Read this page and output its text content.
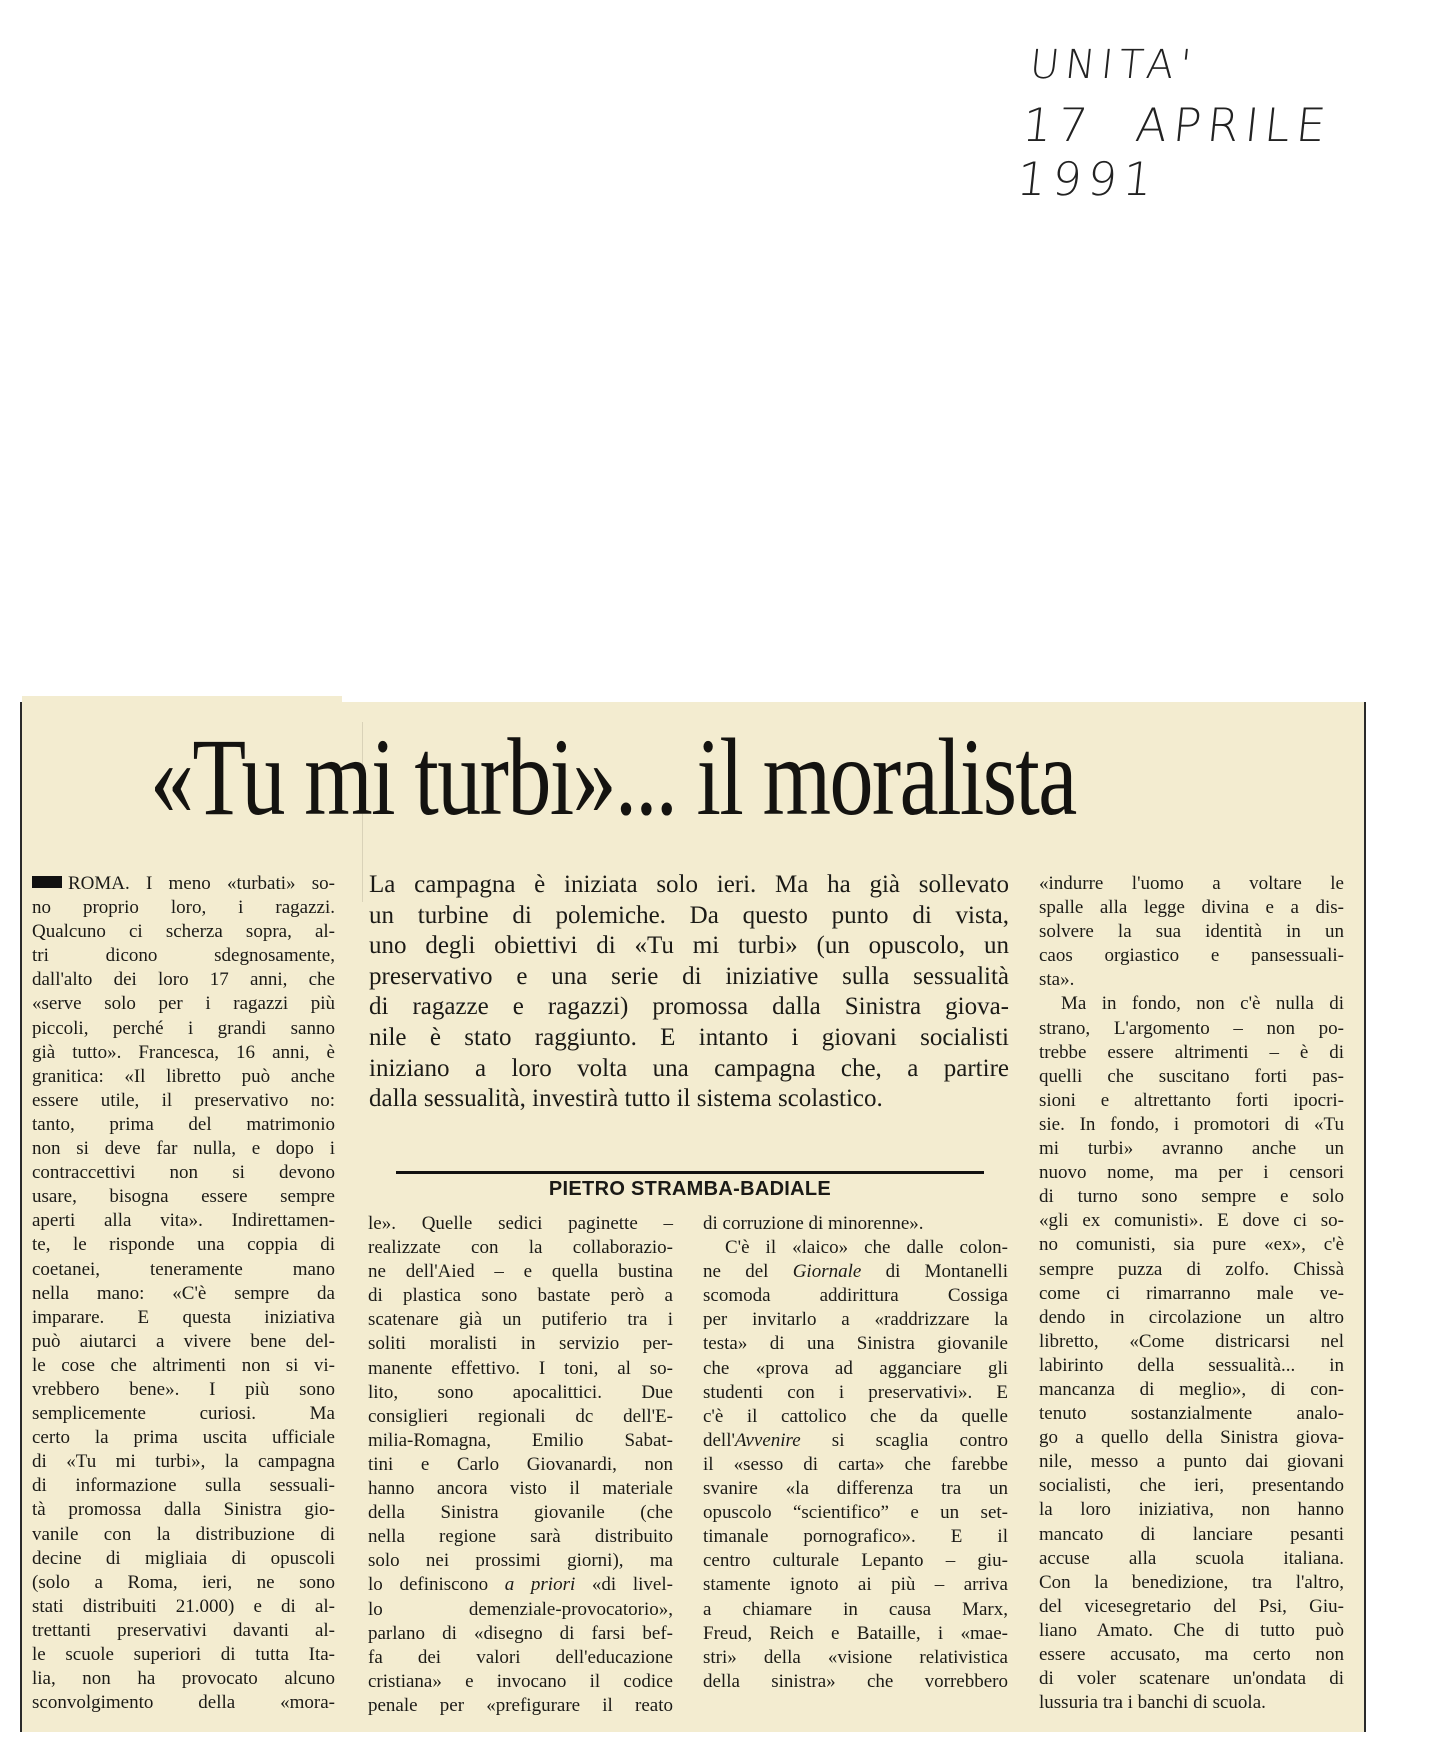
UNITA'
17 APRILE 1991
«Tu mi turbi»... il moralista
La campagna è iniziata solo ieri. Ma ha già sollevato
un turbine di polemiche. Da questo punto di vista,
uno degli obiettivi di «Tu mi turbi» (un opuscolo, un
preservativo e una serie di iniziative sulla sessualità
di ragazze e ragazzi) promossa dalla Sinistra giova-
nile è stato raggiunto. E intanto i giovani socialisti
iniziano a loro volta una campagna che, a partire
dalla sessualità, investirà tutto il sistema scolastico.
PIETRO STRAMBA-BADIALE
ROMA. I meno «turbati» so-
no proprio loro, i ragazzi.
Qualcuno ci scherza sopra, al-
tri dicono sdegnosamente,
dall'alto dei loro 17 anni, che
«serve solo per i ragazzi più
piccoli, perché i grandi sanno
già tutto». Francesca, 16 anni, è
granitica: «Il libretto può anche
essere utile, il preservativo no:
tanto, prima del matrimonio
non si deve far nulla, e dopo i
contraccettivi non si devono
usare, bisogna essere sempre
aperti alla vita». Indirettamen-
te, le risponde una coppia di
coetanei, teneramente mano
nella mano: «C'è sempre da
imparare. E questa iniziativa
può aiutarci a vivere bene del-
le cose che altrimenti non si vi-
vrebbero bene». I più sono
semplicemente curiosi. Ma
certo la prima uscita ufficiale
di «Tu mi turbi», la campagna
di informazione sulla sessuali-
tà promossa dalla Sinistra gio-
vanile con la distribuzione di
decine di migliaia di opuscoli
(solo a Roma, ieri, ne sono
stati distribuiti 21.000) e di al-
trettanti preservativi davanti al-
le scuole superiori di tutta Ita-
lia, non ha provocato alcuno
sconvolgimento della «mora-
le». Quelle sedici paginette –
realizzate con la collaborazio-
ne dell'Aied – e quella bustina
di plastica sono bastate però a
scatenare già un putiferio tra i
soliti moralisti in servizio per-
manente effettivo. I toni, al so-
lito, sono apocalittici. Due
consiglieri regionali dc dell'E-
milia-Romagna, Emilio Sabat-
tini e Carlo Giovanardi, non
hanno ancora visto il materiale
della Sinistra giovanile (che
nella regione sarà distribuito
solo nei prossimi giorni), ma
lo definiscono a priori «di livel-
lo demenziale-provocatorio»,
parlano di «disegno di farsi bef-
fa dei valori dell'educazione
cristiana» e invocano il codice
penale per «prefigurare il reato
di corruzione di minorenne».
C'è il «laico» che dalle colon-
ne del Giornale di Montanelli
scomoda addirittura Cossiga
per invitarlo a «raddrizzare la
testa» di una Sinistra giovanile
che «prova ad agganciare gli
studenti con i preservativi». E
c'è il cattolico che da quelle
dell'Avvenire si scaglia contro
il «sesso di carta» che farebbe
svanire «la differenza tra un
opuscolo “scientifico” e un set-
timanale pornografico». E il
centro culturale Lepanto – giu-
stamente ignoto ai più – arriva
a chiamare in causa Marx,
Freud, Reich e Bataille, i «mae-
stri» della «visione relativistica
della sinistra» che vorrebbero
«indurre l'uomo a voltare le
spalle alla legge divina e a dis-
solvere la sua identità in un
caos orgiastico e pansessuali-
sta».
Ma in fondo, non c'è nulla di
strano, L'argomento – non po-
trebbe essere altrimenti – è di
quelli che suscitano forti pas-
sioni e altrettanto forti ipocri-
sie. In fondo, i promotori di «Tu
mi turbi» avranno anche un
nuovo nome, ma per i censori
di turno sono sempre e solo
«gli ex comunisti». E dove ci so-
no comunisti, sia pure «ex», c'è
sempre puzza di zolfo. Chissà
come ci rimarranno male ve-
dendo in circolazione un altro
libretto, «Come districarsi nel
labirinto della sessualità... in
mancanza di meglio», di con-
tenuto sostanzialmente analo-
go a quello della Sinistra giova-
nile, messo a punto dai giovani
socialisti, che ieri, presentando
la loro iniziativa, non hanno
mancato di lanciare pesanti
accuse alla scuola italiana.
Con la benedizione, tra l'altro,
del vicesegretario del Psi, Giu-
liano Amato. Che di tutto può
essere accusato, ma certo non
di voler scatenare un'ondata di
lussuria tra i banchi di scuola.
